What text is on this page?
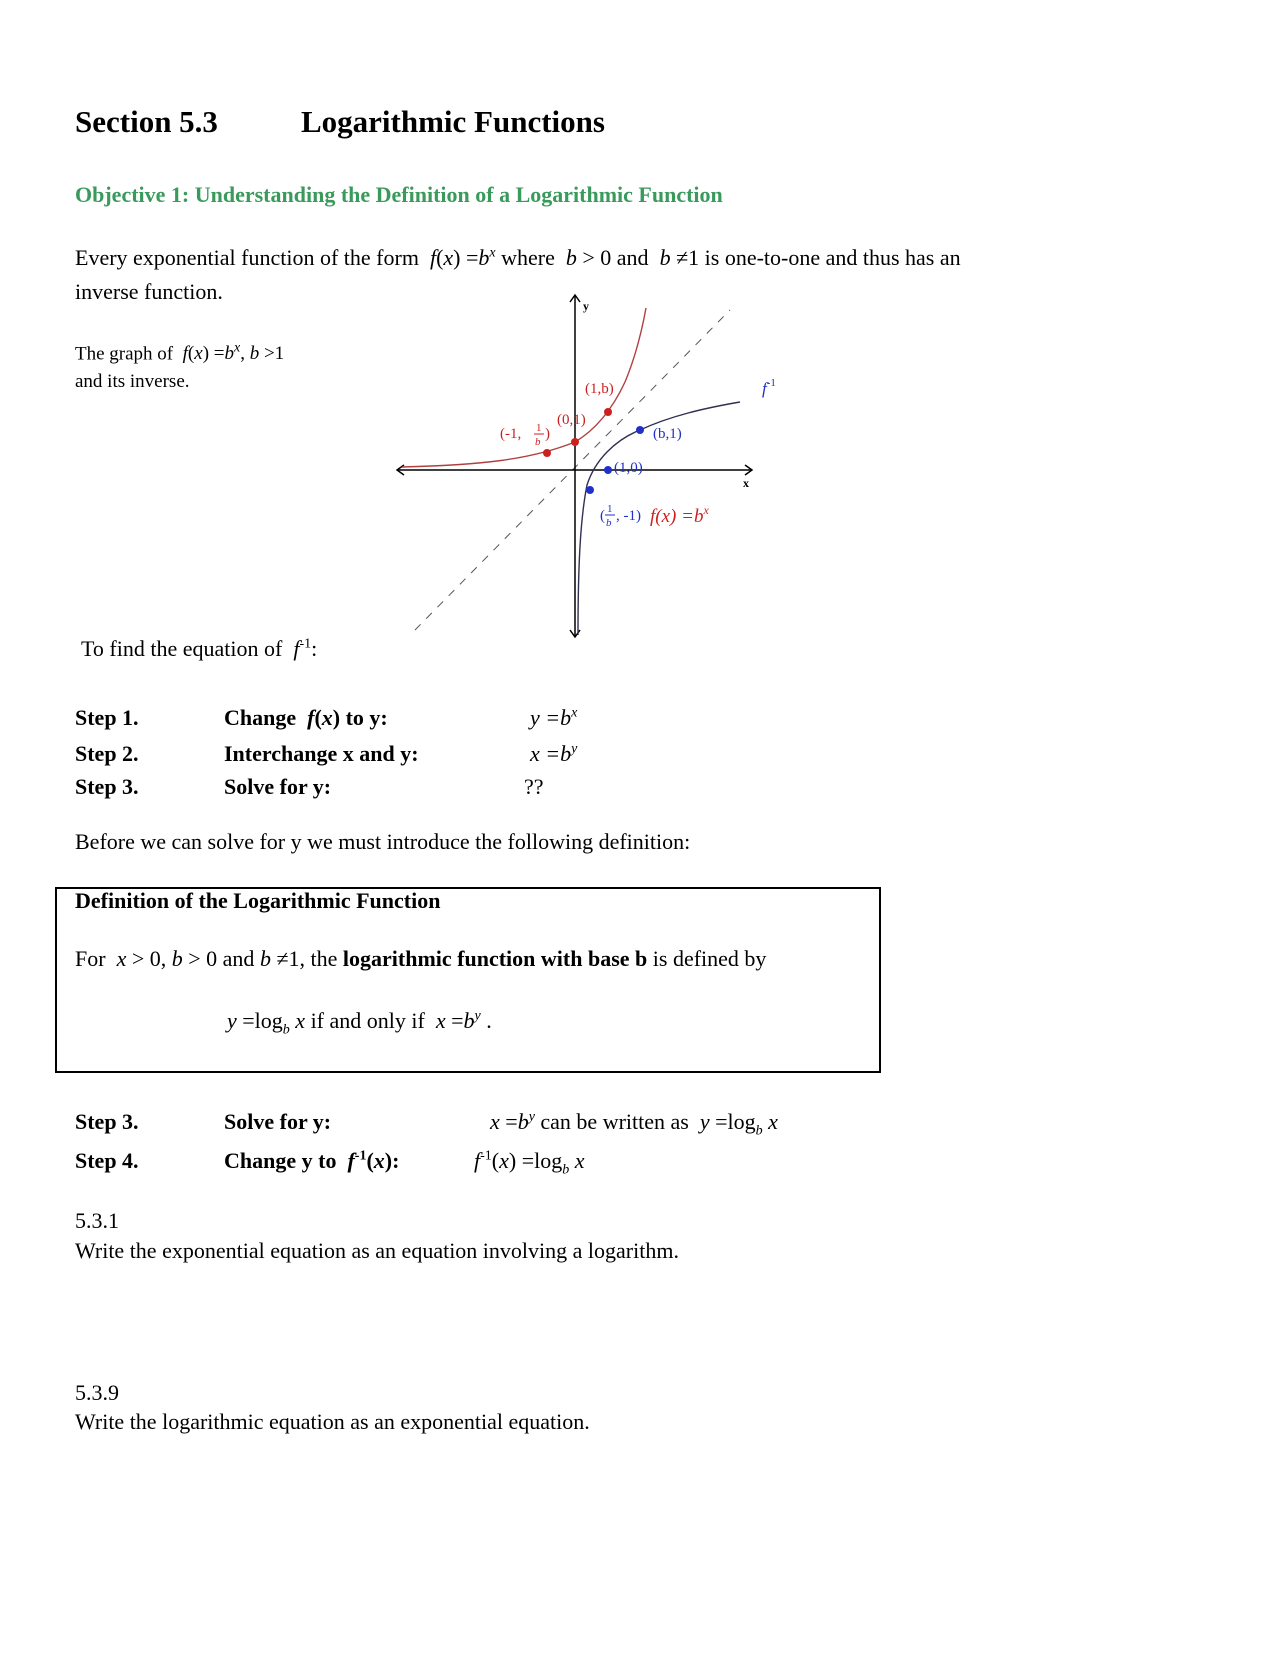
Section 5.3	Logarithmic Functions
Objective 1: Understanding the Definition of a Logarithmic Function
Every exponential function of the form  $f(x) =b^x$ where  b > 0 and  b ≠1 is one-to-one and thus has an
inverse function.
The graph of  $f(x) =b^x$, b >1
and its inverse.
y
x
(1,b)
(0,1)
(-1, 1
b )
$f(x) =b^x$
(b,1)
(1,0)
( 1
b , -1)
$f^{-1}$
To find the equation of  $f^{-1}$:
Step 1.	Change  f(x) to y:	$y =b^x$
Step 2.	Interchange x and y:	$x =b^y$
Step 3.	Solve for y:	??
Before we can solve for y we must introduce the following definition:
Definition of the Logarithmic Function
For  x > 0, b > 0 and b ≠1, the logarithmic function with base b is defined by
$y =\log_b$ x if and only if  $x =b^y$ .
Step 3.	Solve for y:	$x =b^y$ can be written as  $y =\log_b$ x
Step 4.	Change y to  $f^{-1}(x)$:	$f^{-1}(x) =\log_b$ x
5.3.1
Write the exponential equation as an equation involving a logarithm.
5.3.9
Write the logarithmic equation as an exponential equation.
